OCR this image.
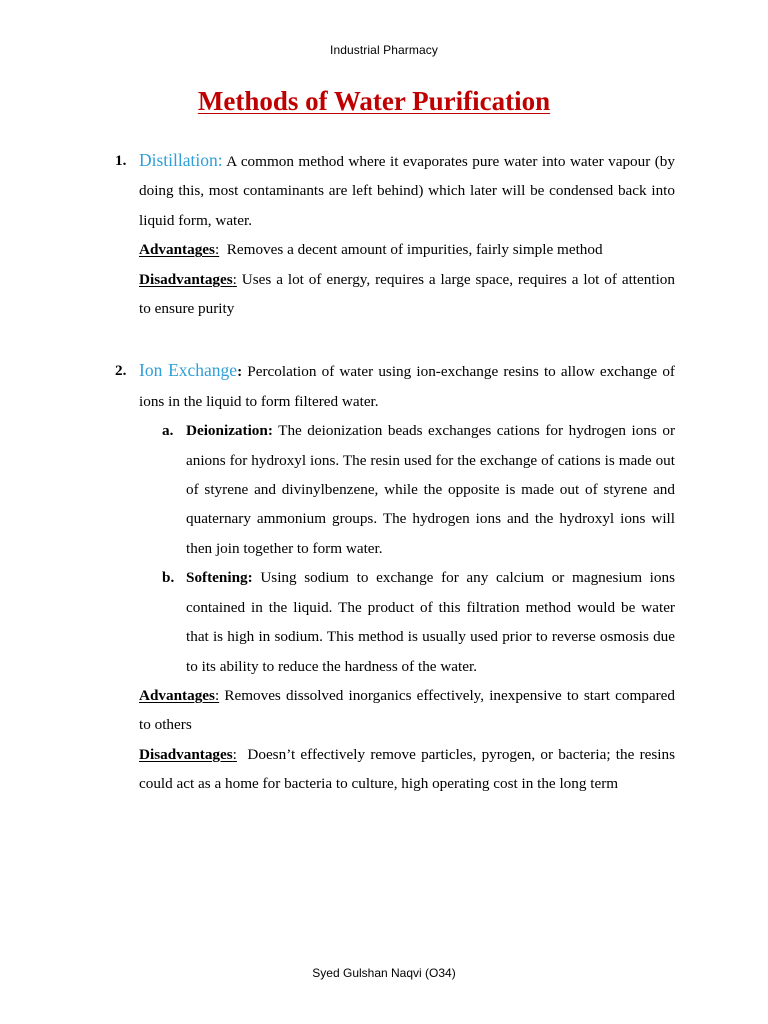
Industrial Pharmacy
Methods of Water Purification
1. Distillation: A common method where it evaporates pure water into water vapour (by doing this, most contaminants are left behind) which later will be condensed back into liquid form, water.

Advantages:  Removes a decent amount of impurities, fairly simple method

Disadvantages: Uses a lot of energy, requires a large space, requires a lot of attention to ensure purity

2. Ion Exchange: Percolation of water using ion-exchange resins to allow exchange of ions in the liquid to form filtered water.

a. Deionization: The deionization beads exchanges cations for hydrogen ions or anions for hydroxyl ions. The resin used for the exchange of cations is made out of styrene and divinylbenzene, while the opposite is made out of styrene and quaternary ammonium groups. The hydrogen ions and the hydroxyl ions will then join together to form water.

b. Softening: Using sodium to exchange for any calcium or magnesium ions contained in the liquid. The product of this filtration method would be water that is high in sodium. This method is usually used prior to reverse osmosis due to its ability to reduce the hardness of the water.

Advantages: Removes dissolved inorganics effectively, inexpensive to start compared to others

Disadvantages:  Doesn’t effectively remove particles, pyrogen, or bacteria; the resins could act as a home for bacteria to culture, high operating cost in the long term

Syed Gulshan Naqvi (O34)
